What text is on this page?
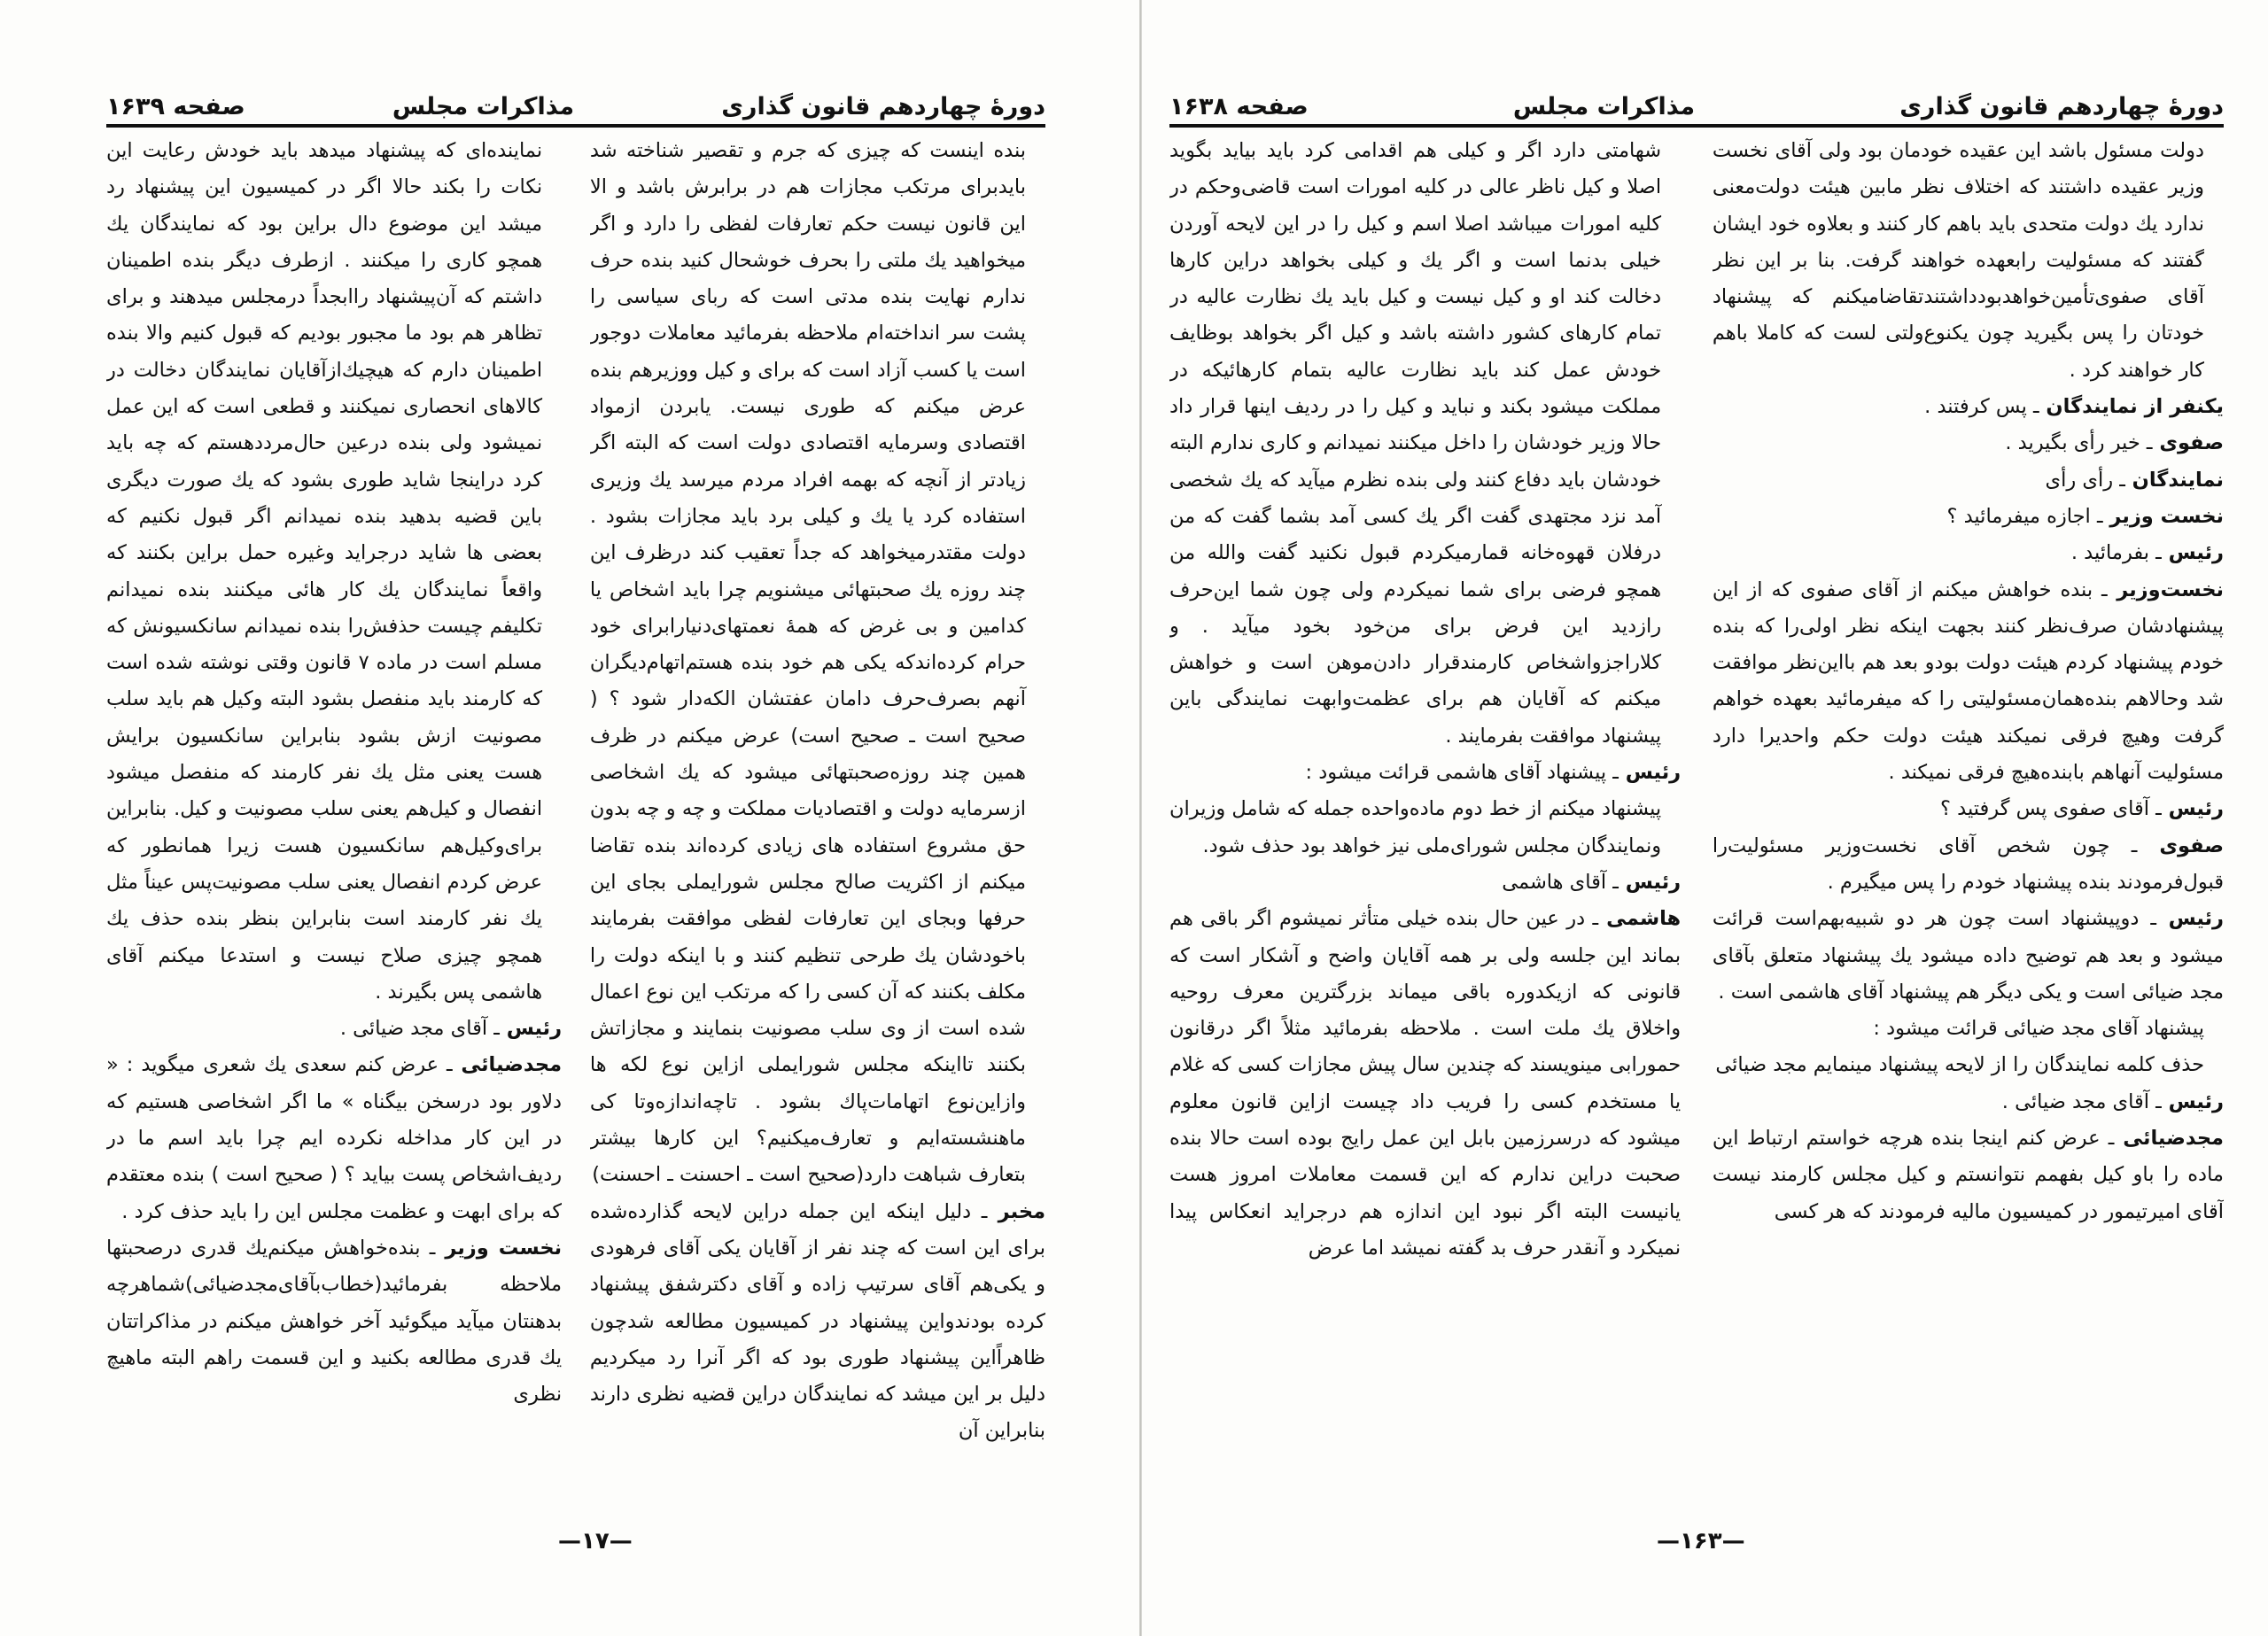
دورهٔ چهاردهم قانون گذاری
مذاکرات مجلس
صفحه ۱۶۳۹

بنده اینست که چیزی که جرم و تقصیر شناخته شد بایدبرای مرتکب مجازات هم در برابرش باشد و الا این قانون نیست حکم تعارفات لفظی را دارد و اگر میخواهید یك ملتی را بحرف خوشحال کنید بنده حرف ندارم نهایت بنده مدتی است که ربای سیاسی را پشت سر انداخته‌ام ملاحظه بفرمائید معاملات دوجور است یا کسب آزاد است که برای و کیل ووزیرهم بنده عرض میکنم که طوری نیست. یابردن ازمواد اقتصادی وسرمایه اقتصادی دولت است که البته اگر زیادتر از آنچه که بهمه افراد مردم میرسد یك وزیری استفاده کرد یا یك و کیلی برد باید مجازات بشود . دولت مقتدرمیخواهد که جداً تعقیب کند درظرف این چند روزه یك صحبتهائی میشنویم چرا باید اشخاص یا کدامین و بی غرض که همهٔ نعمتهای‌دنیارابرای خود حرام کرده‌اندکه یکی هم خود بنده هستم‌اتهام‌دیگران آنهم بصرف‌حرف دامان عفتشان الکه‌دار شود ؟ ( صحیح است ـ صحیح است) عرض میکنم در ظرف همین چند روزه‌صحبتهائی میشود که یك اشخاصی ازسرمایه دولت و اقتصادیات مملکت و چه و چه بدون حق مشروع استفاده های زیادی کرده‌اند بنده تقاضا میکنم از اکثریت صالح مجلس شورایملی بجای این حرفها وبجای این تعارفات لفظی موافقت بفرمایند باخودشان یك طرحی تنظیم کنند و با اینکه دولت را مکلف بکنند که آن کسی را که مرتکب این نوع اعمال شده است از وی سلب مصونیت بنمایند و مجازاتش بکنند تااینکه مجلس شورایملی ازاین نوع لکه ها وازاین‌نوع اتهامات‌پاك بشود . تاچه‌اندازه‌وتا کی ماهنشسته‌ایم و تعارف‌میکنیم؟ این کارها بیشتر بتعارف شباهت دارد(صحیح است ـ احسنت ـ احسنت)

مخبر ـ دلیل اینکه این جمله دراین لایحه گذارده‌شده برای این است که چند نفر از آقایان یکی آقای فرهودی و یکی‌هم آقای سرتیپ زاده و آقای دکترشفق پیشنهاد کرده بودندواین پیشنهاد در کمیسیون مطالعه شدچون ظاهراً‌این پیشنهاد طوری بود که اگر آنرا رد میکردیم دلیل بر این میشد که نمایندگان دراین قضیه نظری دارند بنابراین آن

نماینده‌ای که پیشنهاد میدهد باید خودش رعایت این نکات را بکند حالا اگر در کمیسیون این پیشنهاد رد میشد این موضوع دال براین بود که نمایندگان یك همچو کاری را میکنند . ازطرف دیگر بنده اطمینان داشتم که آن‌پیشنهاد راابجداً درمجلس میدهند و برای تظاهر هم بود ما مجبور بودیم که قبول کنیم والا بنده اطمینان دارم که هیچیك‌ازآقایان نمایندگان دخالت در کالاهای انحصاری نمیکنند و قطعی است که این عمل نمیشود ولی بنده درعین حال‌مردد‌هستم که چه باید کرد دراینجا شاید طوری بشود که یك صورت دیگری باین قضیه بدهید بنده نمیدانم اگر قبول نکنیم که بعضی ها شاید درجراید وغیره حمل براین بکنند که واقعاً نمایندگان یك کار هائی میکنند بنده نمیدانم تکلیفم چیست حذفش‌را بنده نمیدانم سانکسیونش که مسلم است در ماده ۷ قانون وقتی نوشته شده است که کارمند باید منفصل بشود البته وکیل هم باید سلب مصونیت ازش بشود بنابراین سانکسیون برایش هست یعنی مثل یك نفر کارمند که منفصل میشود انفصال و کیل‌هم یعنی سلب مصونیت و کیل. بنابراین برای‌وکیل‌هم سانکسیون هست زیرا همانطور که عرض کردم انفصال یعنی سلب مصونیت‌پس عیناً مثل یك نفر کارمند است بنابراین بنظر بنده حذف یك همچو چیزی صلاح نیست و استدعا میکنم آقای هاشمی پس بگیرند .

رئیس ـ آقای مجد ضیائی .

مجدضیائی ـ عرض کنم سعدی یك شعری میگوید : « دلاور بود درسخن بیگناه » ما اگر اشخاصی هستیم که در این کار مداخله نکرده ایم چرا باید اسم ما در ردیف‌اشخاص پست بیاید ؟ ( صحیح است ) بنده معتقدم که برای ابهت و عظمت مجلس این را باید حذف کرد .

نخست وزیر ـ بنده‌خواهش میکنم‌یك قدری درصحبتها ملاحظه بفرمائید(خطاب‌بآقای‌مجدضیائی)شماهرچه بدهنتان میآید میگوئید آخر خواهش میکنم در مذاکراتتان یك قدری مطالعه بکنید و این قسمت راهم البته ماهیچ نظری

—۱۷—
دورهٔ چهاردهم قانون گذاری
مذاکرات مجلس
صفحه ۱۶۳۸

دولت مسئول باشد این عقیده خودمان بود ولی آقای نخست وزیر عقیده داشتند که اختلاف نظر مابین هیئت دولت‌معنی ندارد یك دولت متحدی باید باهم کار کنند و بعلاوه خود ایشان گفتند که مسئولیت رابعهده خواهند گرفت. بنا بر این نظر آقای صفوی‌تأمین‌خواهدبود‌داشتند‌تقاضامیکنم که پیشنهاد خودتان را پس بگیرید چون یکنوع‌ولتی لست که کاملا باهم کار خواهند کرد .

یکنفر از نمایندگان ـ پس کرفتند .

صفوی ـ خیر رأی بگیرید .

نمایندگان ـ رأی رأی

نخست وزیر ـ اجازه میفرمائید ؟

رئیس ـ بفرمائید .

نخست‌وزیر ـ بنده خواهش میکنم از آقای صفوی که از این پیشنهادشان صرف‌نظر کنند بجهت اینکه نظر اولی‌را که بنده خودم پیشنهاد کردم هیئت دولت بودو بعد هم بااین‌نظر موافقت شد وحالا‌هم بنده‌همان‌مسئولیتی را که میفرمائید بعهده خواهم گرفت وهیچ فرقی نمیکند هیئت دولت حکم واحدیرا دارد مسئولیت آنهاهم بابنده‌هیچ فرقی نمیکند .

رئیس ـ آقای صفوی پس گرفتید ؟

صفوی ـ چون شخص آقای نخست‌وزیر مسئولیت‌را قبول‌فرمودند بنده پیشنهاد خودم را پس میگیرم .

رئیس ـ دوپیشنهاد است چون هر دو شبیه‌بهم‌است قرائت میشود و بعد هم توضیح داده میشود یك پیشنهاد متعلق بآقای مجد ضیائی است و یکی دیگر هم پیشنهاد آقای هاشمی است .

پیشنهاد آقای مجد ضیائی قرائت میشود :

حذف کلمه نمایندگان را از لایحه پیشنهاد مینمایم مجد ضیائی

رئیس ـ آقای مجد ضیائی .

مجدضیائی ـ عرض کنم اینجا بنده هرچه خواستم ارتباط این ماده را باو کیل بفهمم نتوانستم و کیل مجلس کارمند نیست آقای امیرتیمور در کمیسیون مالیه فرمودند که هر کسی

شهامتی دارد اگر و کیلی هم اقدامی کرد باید بیاید بگوید اصلا و کیل ناظر عالی در کلیه امورات است قاضی‌وحکم در کلیه امورات میباشد اصلا اسم و کیل را در این لایحه آوردن خیلی بدنما است و اگر یك و کیلی بخواهد دراین کارها دخالت کند او و کیل نیست و کیل باید یك نظارت عالیه در تمام کارهای کشور داشته باشد و کیل اگر بخواهد بوظایف خودش عمل کند باید نظارت عالیه بتمام کارهائیکه در مملکت میشود بکند و نباید و کیل را در ردیف اینها قرار داد حالا وزیر خودشان را داخل میکنند نمیدانم و کاری ندارم البته خودشان باید دفاع کنند ولی بنده نظرم میآید که یك شخصی آمد نزد مجتهدی گفت اگر یك کسی آمد بشما گفت که من درفلان قهوه‌خانه قمارمیکردم قبول نکنید گفت والله من همچو فرضی برای شما نمیکردم ولی چون شما این‌حرف رازدید این فرض برای من‌خود بخود میآید . و کلا‌راجزو‌اشخاص کارمند‌قرار دادن‌موهن است و خواهش میکنم که آقایان هم برای عظمت‌وابهت نمایندگی باین پیشنهاد موافقت بفرمایند .

رئیس ـ پیشنهاد آقای هاشمی قرائت میشود :

پیشنهاد میکنم از خط دوم ماده‌واحده جمله که شامل وزیران ونمایندگان مجلس شورای‌ملی نیز خواهد بود حذف شود.

رئیس ـ آقای هاشمی

هاشمی ـ در عین حال بنده خیلی متأثر نمیشوم اگر باقی هم بماند این جلسه ولی بر همه آقایان واضح و آشکار است که قانونی که ازیکدوره باقی میماند بزرگترین معرف روحیه واخلاق یك ملت است . ملاحظه بفرمائید مثلاً اگر درقانون حمورابی مینویسند که چندین سال پیش مجازات کسی که غلام یا مستخدم کسی را فریب داد چیست ازاین قانون معلوم میشود که درسرزمین بابل این عمل رایج بوده است حالا بنده صحبت دراین ندارم که این قسمت معاملات امروز هست یانیست البته اگر نبود این اندازه هم درجراید انعکاس پیدا نمیکرد و آنقدر حرف بد گفته نمیشد اما عرض

—۱۶۳—
